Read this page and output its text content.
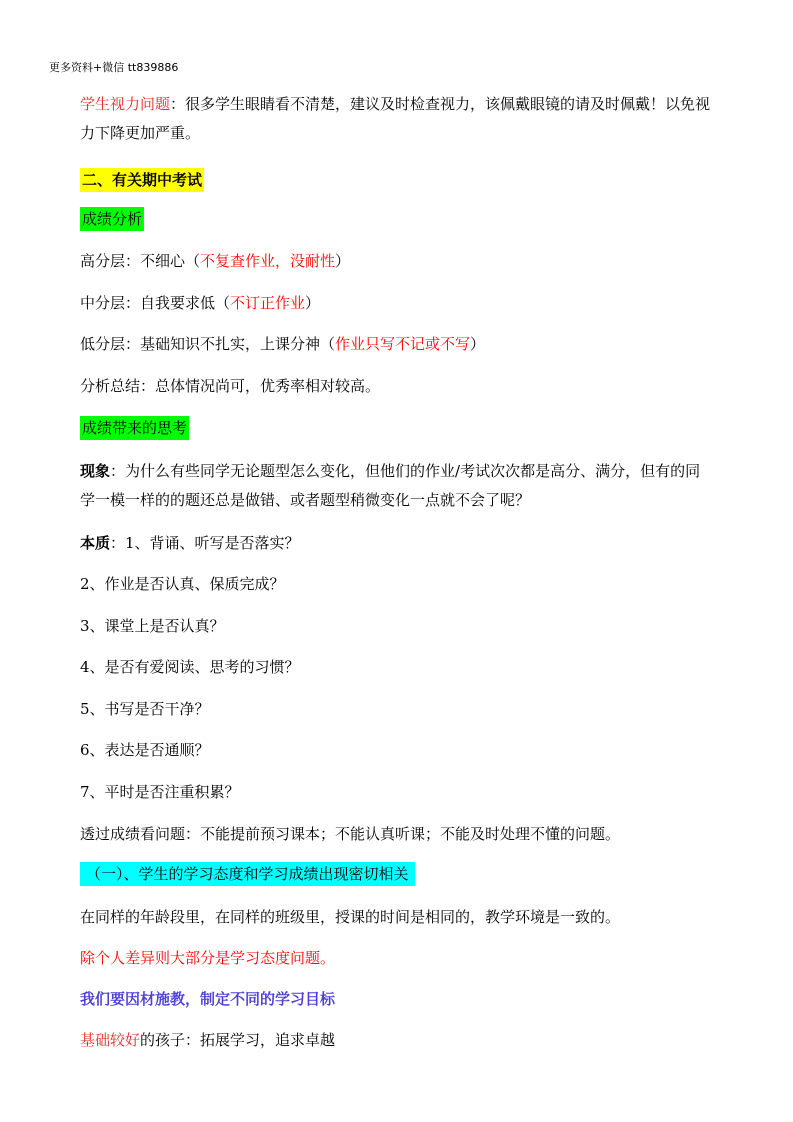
更多资料+微信 tt839886
学生视力问题：很多学生眼睛看不清楚，建议及时检查视力，该佩戴眼镜的请及时佩戴！以免视
力下降更加严重。
二、有关期中考试
成绩分析
高分层：不细心（不复查作业，没耐性）
中分层：自我要求低（不订正作业）
低分层：基础知识不扎实，上课分神（作业只写不记或不写）
分析总结：总体情况尚可，优秀率相对较高。
成绩带来的思考
现象：为什么有些同学无论题型怎么变化，但他们的作业/考试次次都是高分、满分，但有的同
学一模一样的的题还总是做错、或者题型稍微变化一点就不会了呢？
本质：1、背诵、听写是否落实？
2、作业是否认真、保质完成？
3、课堂上是否认真？
4、是否有爱阅读、思考的习惯？
5、书写是否干净？
6、表达是否通顺？
7、平时是否注重积累？
透过成绩看问题：不能提前预习课本；不能认真听课；不能及时处理不懂的问题。
（一）、学生的学习态度和学习成绩出现密切相关
在同样的年龄段里，在同样的班级里，授课的时间是相同的，教学环境是一致的。
除个人差异则大部分是学习态度问题。
我们要因材施教，制定不同的学习目标
基础较好的孩子：拓展学习，追求卓越
